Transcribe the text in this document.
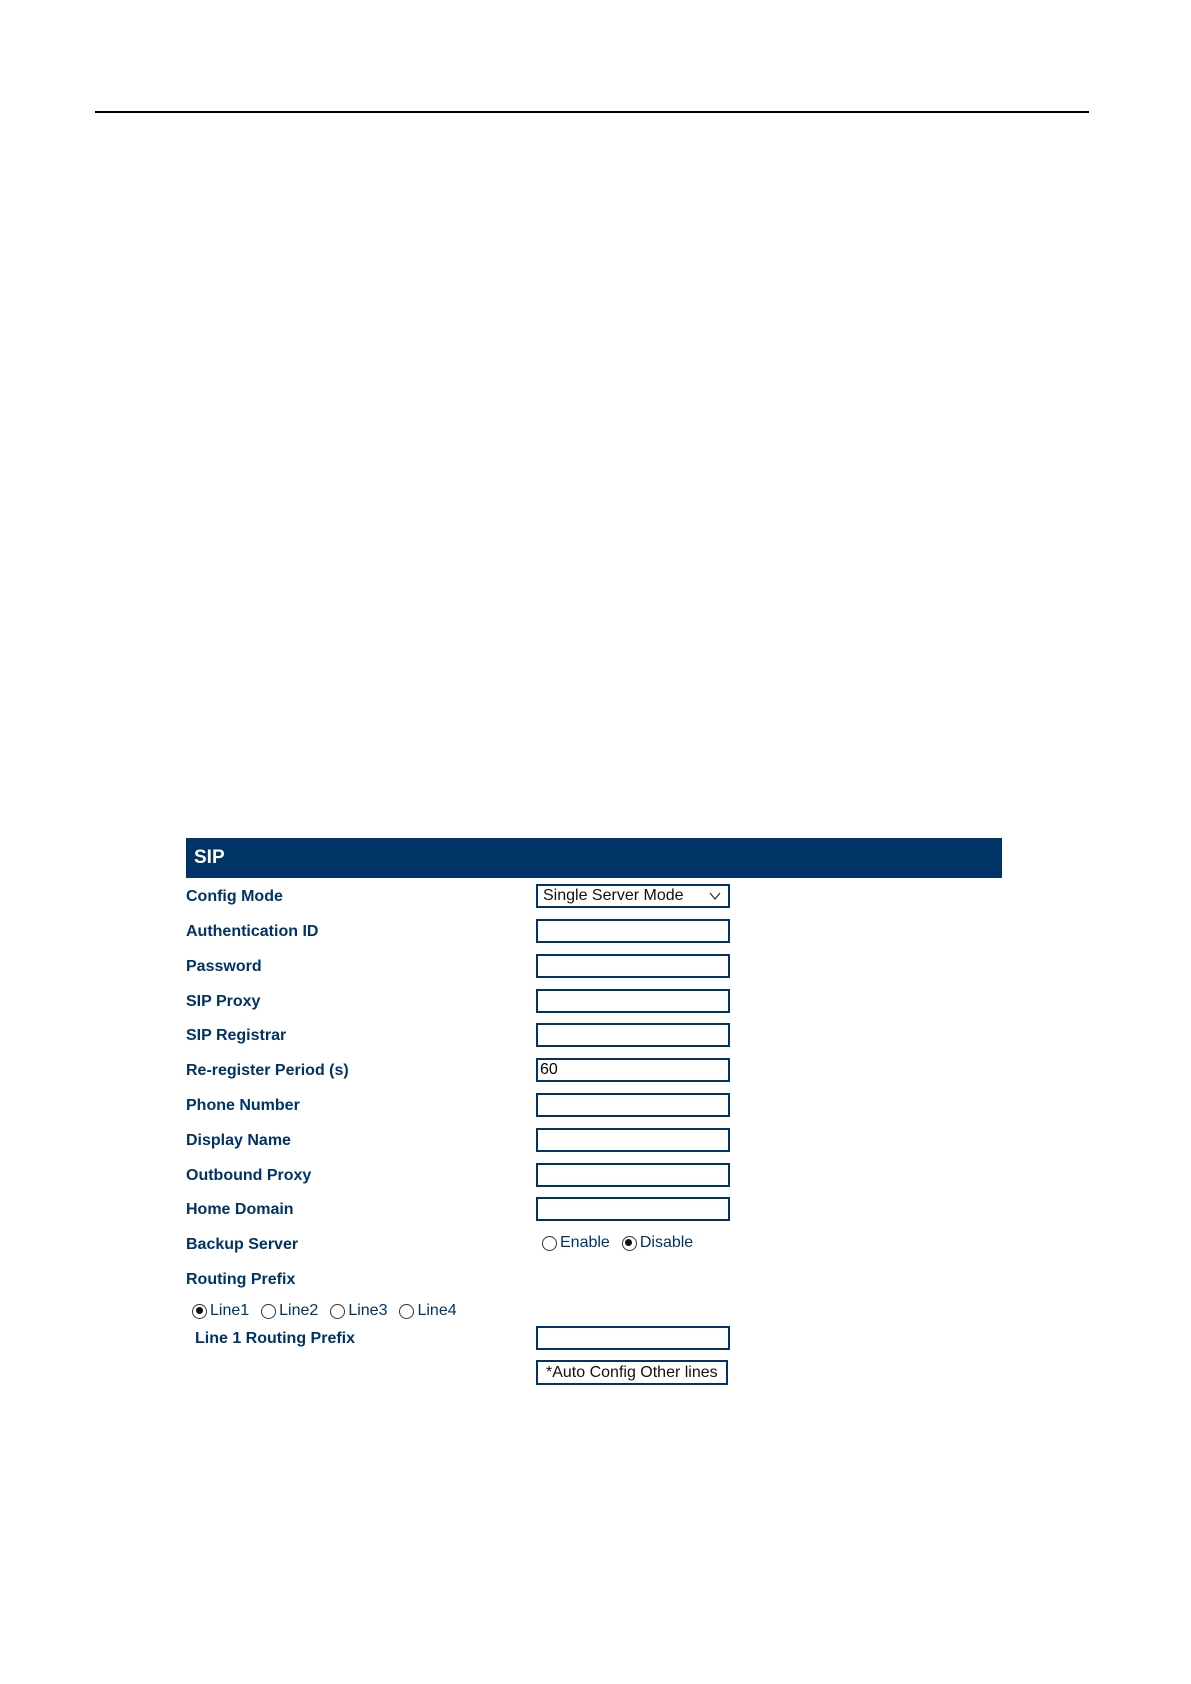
SIP
Config Mode	Single Server Mode
Authentication ID
Password
SIP Proxy
SIP Registrar
Re-register Period (s)
60
Phone Number
Display Name
Outbound Proxy
Home Domain
Backup Server	Enable Disable
Routing Prefix
Line1 Line2 Line3 Line4
Line 1 Routing Prefix
*Auto Config Other lines
